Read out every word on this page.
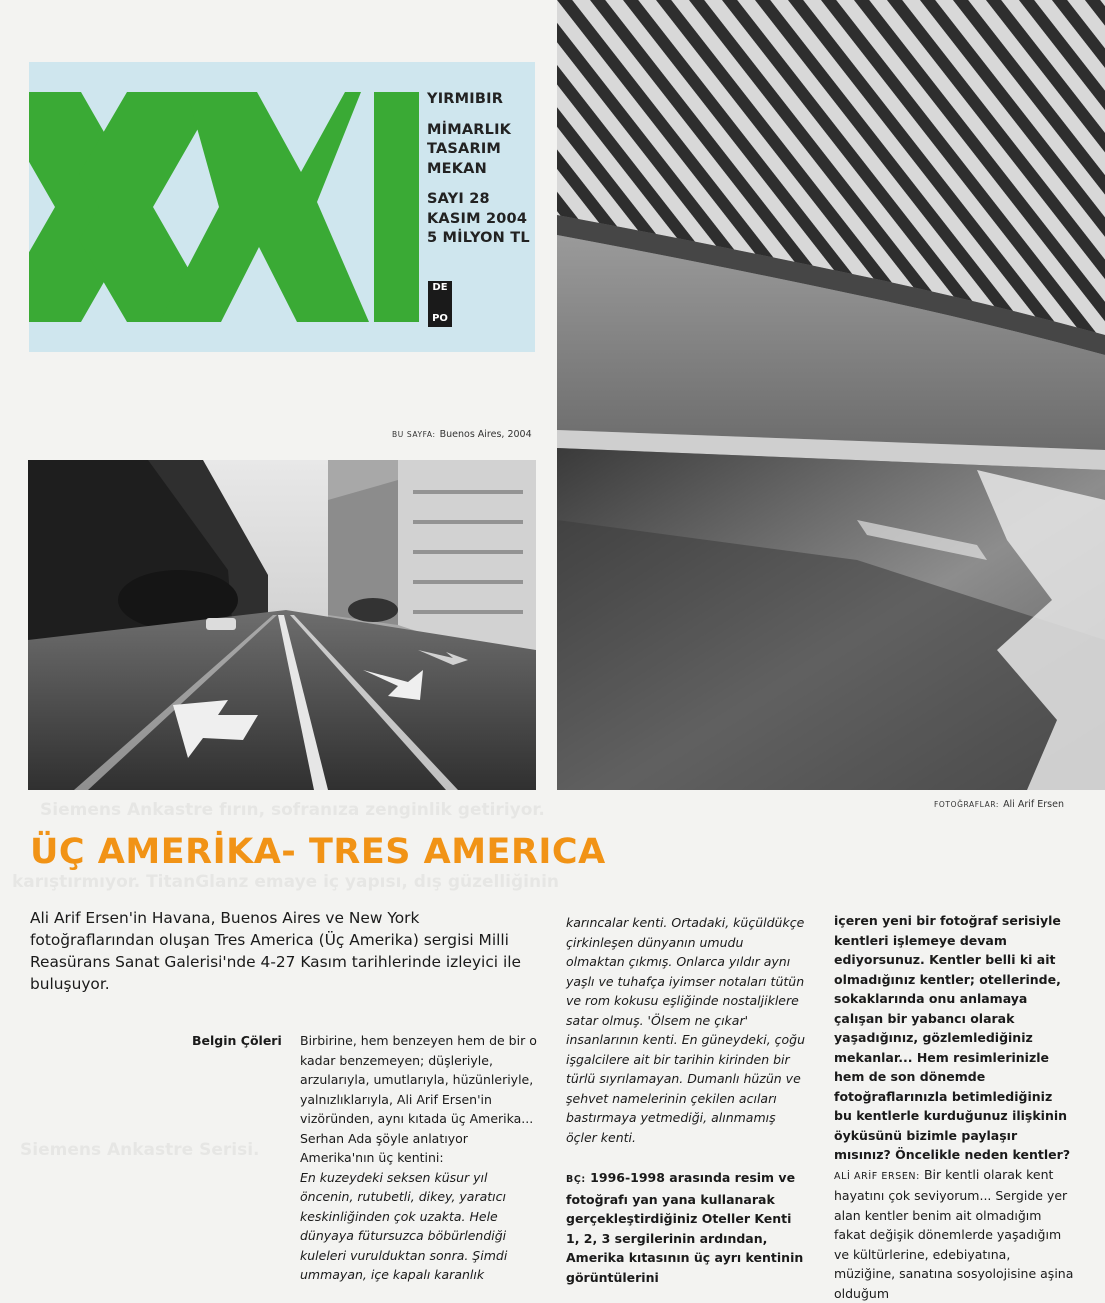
Siemens Ankastre fırın, sofranıza zenginlik getiriyor.
karıştırmıyor. TitanGlanz emaye iç yapısı, dış güzelliğinin
Siemens Ankastre Serisi.
YIRMIBIR
MİMARLIK
TASARIM
MEKAN
SAYI 28
KASIM 2004
5 MİLYON TL
DE
PO
BU SAYFA: Buenos Aires, 2004
FOTOĞRAFLAR: Ali Arif Ersen
ÜÇ AMERİKA- TRES AMERICA
Ali Arif Ersen'in Havana, Buenos Aires ve New York fotoğraflarından oluşan Tres America (Üç Amerika) sergisi Milli Reasürans Sanat Galerisi'nde 4-27 Kasım tarihlerinde izleyici ile buluşuyor.
Belgin Çöleri Birbirine, hem benzeyen hem de bir o kadar benzemeyen; düşleriyle, arzularıyla, umutlarıyla, hüzünleriyle, yalnızlıklarıyla, Ali Arif Ersen'in vizöründen, aynı kıtada üç Amerika... Serhan Ada şöyle anlatıyor Amerika'nın üç kentini:

En kuzeydeki seksen küsur yıl öncenin, rutubetli, dikey, yaratıcı keskinliğinden çok uzakta. Hele dünyaya fütursuzca böbürlendiği kuleleri vurulduktan sonra. Şimdi ummayan, içe kapalı karanlık

karıncalar kenti. Ortadaki, küçüldükçe çirkinleşen dünyanın umudu olmaktan çıkmış. Onlarca yıldır aynı yaşlı ve tuhafça iyimser notaları tütün ve rom kokusu eşliğinde nostaljiklere satar olmuş. 'Ölsem ne çıkar' insanlarının kenti. En güneydeki, çoğu işgalcilere ait bir tarihin kirinden bir türlü sıyrılamayan. Dumanlı hüzün ve şehvet namelerinin çekilen acıları bastırmaya yetmediği, alınmamış öçler kenti.

BÇ: 1996-1998 arasında resim ve fotoğrafı yan yana kullanarak gerçekleştirdiğiniz Oteller Kenti 1, 2, 3 sergilerinin ardından, Amerika kıtasının üç ayrı kentinin görüntülerini

içeren yeni bir fotoğraf serisiyle kentleri işlemeye devam ediyorsunuz. Kentler belli ki ait olmadığınız kentler; otellerinde, sokaklarında onu anlamaya çalışan bir yabancı olarak yaşadığınız, gözlemlediğiniz mekanlar... Hem resimlerinizle hem de son dönemde fotoğraflarınızla betimlediğiniz bu kentlerle kurduğunuz ilişkinin öyküsünü bizimle paylaşır mısınız? Öncelikle neden kentler?

ALİ ARİF ERSEN: Bir kentli olarak kent hayatını çok seviyorum... Sergide yer alan kentler benim ait olmadığım fakat değişik dönemlerde yaşadığım ve kültürlerine, edebiyatına, müziğine, sanatına sosyolojisine aşina olduğum
